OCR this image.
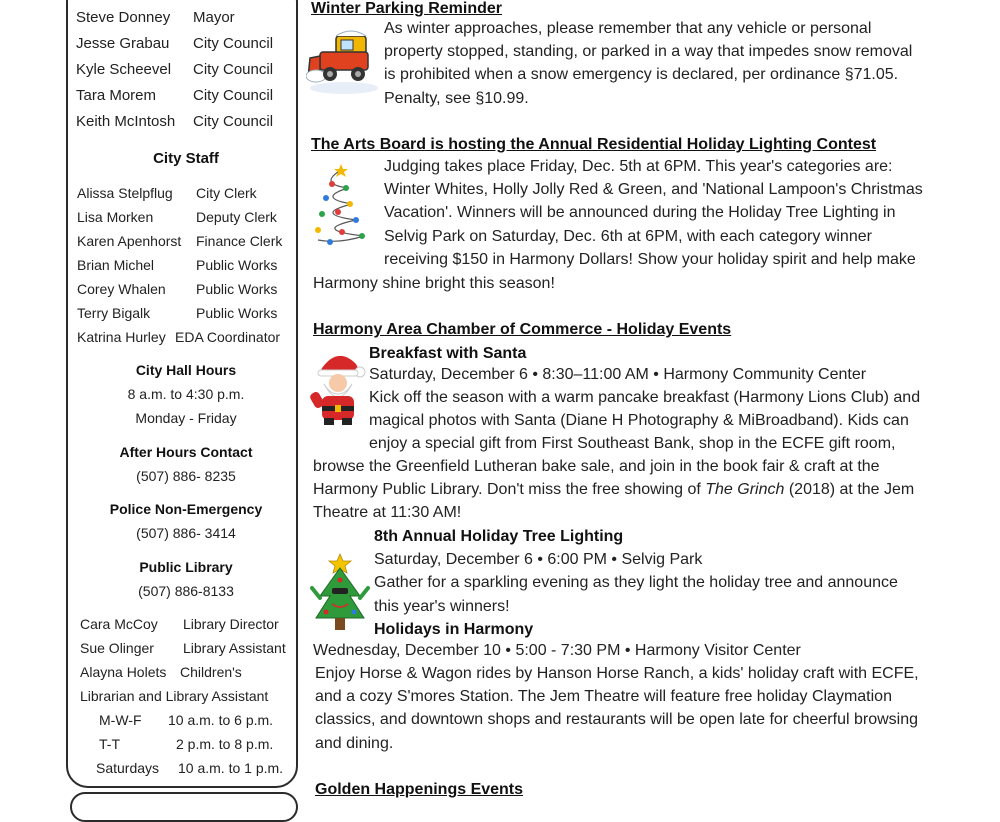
Steve Donney Mayor
Jesse Grabau City Council
Kyle Scheevel City Council
Tara Morem City Council
Keith McIntosh City Council
City Staff
Alissa Stelpflug City Clerk
Lisa Morken	Deputy Clerk
Karen Apenhorst Finance Clerk
Brian Michel	Public Works
Corey Whalen Public Works
Terry Bigalk	Public Works
Katrina Hurley EDA Coordinator
City Hall Hours
8 a.m. to 4:30 p.m.
Monday - Friday
After Hours Contact
(507) 886- 8235
Police Non-Emergency
(507) 886- 3414
Public Library
(507) 886-8133
Cara McCoy Library Director
Sue Olinger Library Assistant
Alayna Holets Children's
Librarian and Library Assistant
M-W-F 10 a.m. to 6 p.m.
T-T	2 p.m. to 8 p.m.
Saturdays 10 a.m. to 1 p.m.
Winter Parking Reminder
As winter approaches, please remember that any vehicle or personal
property stopped, standing, or parked in a way that impedes snow removal
is prohibited when a snow emergency is declared, per ordinance §71.05.
Penalty, see §10.99.
The Arts Board is hosting the Annual Residential Holiday Lighting Contest
Judging takes place Friday, Dec. 5th at 6PM. This year's categories are:
Winter Whites, Holly Jolly Red & Green, and 'National Lampoon's Christmas
Vacation'. Winners will be announced during the Holiday Tree Lighting in
Selvig Park on Saturday, Dec. 6th at 6PM, with each category winner
receiving $150 in Harmony Dollars! Show your holiday spirit and help make
Harmony shine bright this season!
Harmony Area Chamber of Commerce - Holiday Events
Breakfast with Santa
Saturday, December 6 • 8:30–11:00 AM • Harmony Community Center
Kick off the season with a warm pancake breakfast (Harmony Lions Club) and
magical photos with Santa (Diane H Photography & MiBroadband). Kids can
enjoy a special gift from First Southeast Bank, shop in the ECFE gift room,
browse the Greenfield Lutheran bake sale, and join in the book fair & craft at the
Harmony Public Library. Don't miss the free showing of The Grinch (2018) at the Jem
Theatre at 11:30 AM!
8th Annual Holiday Tree Lighting
Saturday, December 6 • 6:00 PM • Selvig Park
Gather for a sparkling evening as they light the holiday tree and announce
this year's winners!
Holidays in Harmony
Wednesday, December 10 • 5:00 - 7:30 PM • Harmony Visitor Center
Enjoy Horse & Wagon rides by Hanson Horse Ranch, a kids' holiday craft with ECFE,
and a cozy S'mores Station. The Jem Theatre will feature free holiday Claymation
classics, and downtown shops and restaurants will be open late for cheerful browsing
and dining.
Golden Happenings Events
